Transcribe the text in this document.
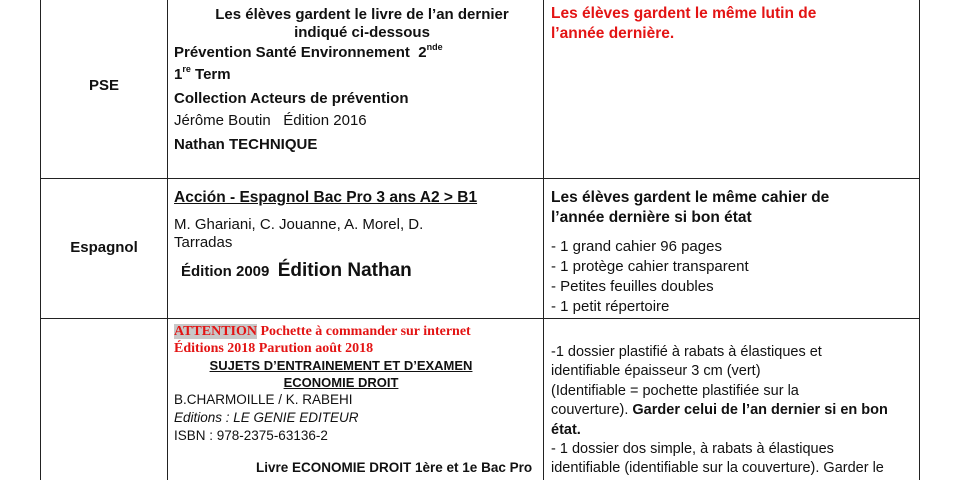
PSE
Les élèves gardent le livre de l’an dernier
indiqué ci-dessous
Prévention Santé Environnement 2nde
1re Term
Collection Acteurs de prévention
Jérôme Boutin Édition 2016
Nathan TECHNIQUE
Les élèves gardent le même lutin de
l’année dernière.
Espagnol
Acción - Espagnol Bac Pro 3 ans A2 > B1
M. Ghariani, C. Jouanne, A. Morel, D.
Tarradas
Édition 2009 Édition Nathan
Les élèves gardent le même cahier de
l’année dernière si bon état
- 1 grand cahier 96 pages
- 1 protège cahier transparent
- Petites feuilles doubles
- 1 petit répertoire
ATTENTION Pochette à commander sur internet
Éditions 2018 Parution août 2018
SUJETS D’ENTRAINEMENT ET D’EXAMEN
ECONOMIE DROIT
B.CHARMOILLE / K. RABEHI
Editions : LE GENIE EDITEUR
ISBN : 978-2375-63136-2
Livre ECONOMIE DROIT 1ère et 1e Bac Pro
-1 dossier plastifié à rabats à élastiques et
identifiable épaisseur 3 cm (vert)
(Identifiable = pochette plastifiée sur la
couverture). Garder celui de l’an dernier si en bon
état.
- 1 dossier dos simple, à rabats à élastiques
identifiable (identifiable sur la couverture). Garder le
